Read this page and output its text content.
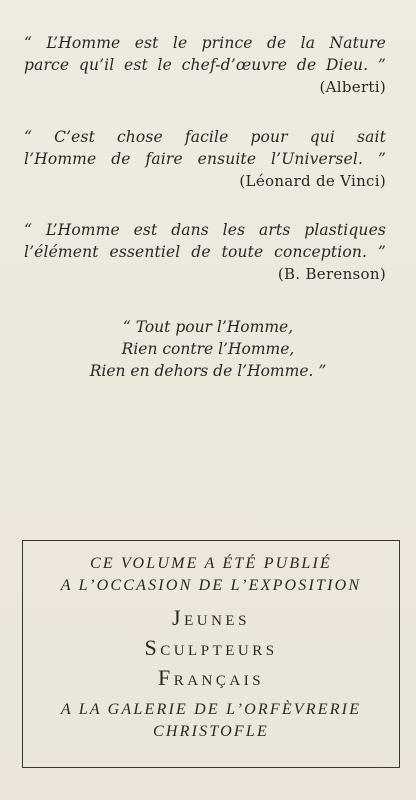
“ L’Homme est le prince de la Nature
parce qu’il est le chef-d’œuvre de Dieu. ”
(Alberti)
“ C’est chose facile pour qui sait
l’Homme de faire ensuite l’Universel. ”
(Léonard de Vinci)
“ L’Homme est dans les arts plastiques
l’élément essentiel de toute conception. ”
(B. Berenson)
“ Tout pour l’Homme,
Rien contre l’Homme,
Rien en dehors de l’Homme. ”
CE VOLUME A ÉTÉ PUBLIÉ
A L’OCCASION DE L’EXPOSITION
Jeunes
Sculpteurs
Français
A LA GALERIE DE L’ORFÈVRERIE
CHRISTOFLE
